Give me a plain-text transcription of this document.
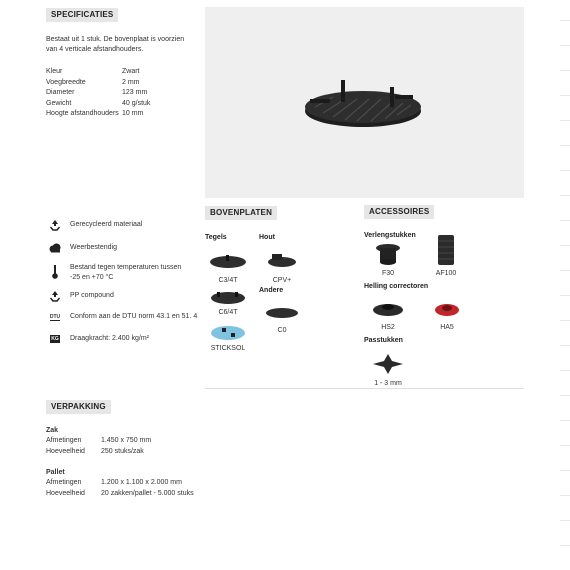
SPECIFICATIES
Bestaat uit 1 stuk. De bovenplaat is voorzien
van 4 verticale afstandhouders.
Kleur	Zwart
Voegbreedte	2 mm
Diameter	123 mm
Gewicht	40 g/stuk
Hoogte afstandhouders 10 mm
Gerecycleerd materiaal
Weerbestendig
Bestand tegen temperaturen tussen
-25 en +70 °C
PP compound
DTU Conform aan de DTU norm 43.1 en 51. 4
KG Draagkracht: 2.400 kg/m²
BOVENPLATEN
Tegels	Hout
Andere
C3/4T
C6/4T
STICKSOL
CPV+
C0
ACCESSOIRES
Verlengstukken
F30	AF100
Helling correctoren
HS2	HA5
Passtukken
1 - 3 mm
VERPAKKING
Zak
Afmetingen	1.450 x 750 mm
Hoeveelheid	250 stuks/zak
Pallet
Afmetingen	1.200 x 1.100 x 2.000 mm
Hoeveelheid	20 zakken/pallet - 5.000 stuks
